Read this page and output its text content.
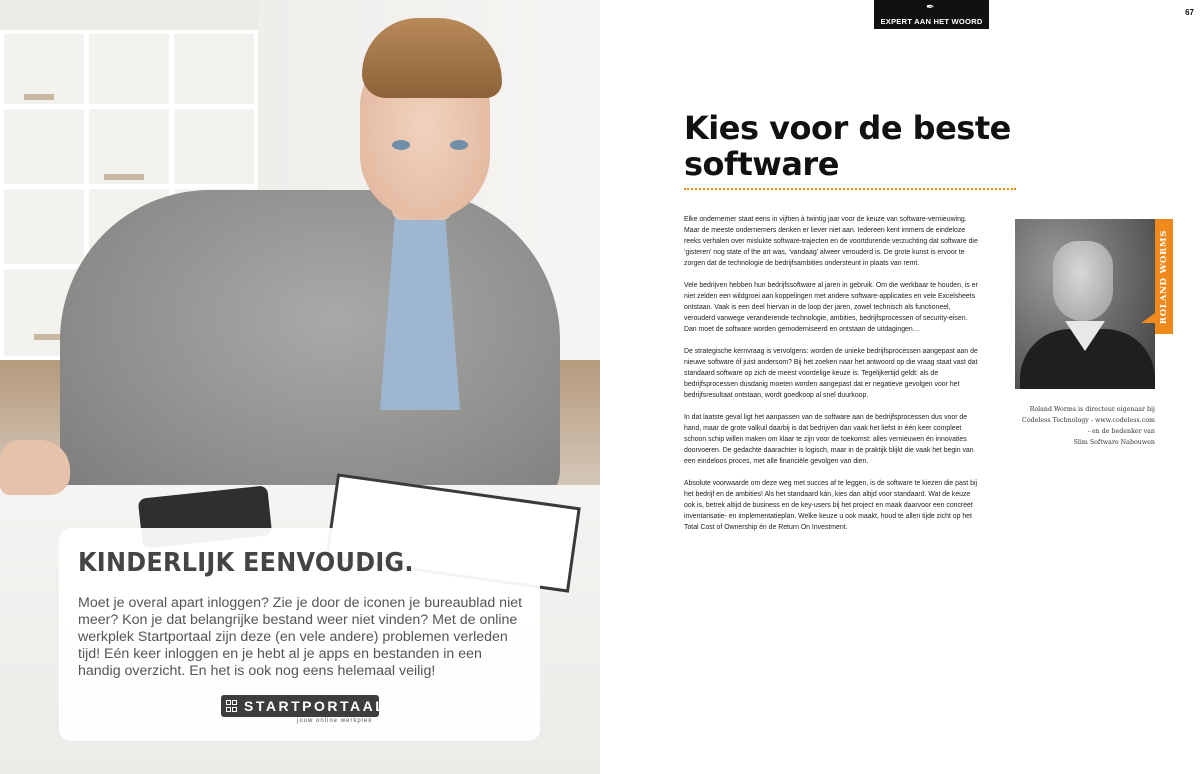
KINDERLIJK EENVOUDIG.

Moet je overal apart inloggen? Zie je door de iconen je bureaublad niet meer? Kon je dat belangrijke bestand weer niet vinden? Met de online werkplek Startportaal zijn deze (en vele andere) problemen verleden tijd! Eén keer inloggen en je hebt al je apps en bestanden in een handig overzicht. En het is ook nog eens helemaal veilig!

STARTPORTAAL
jouw online werkplek
✒
EXPERT AAN HET WOORD
67
Kies voor de beste software

Elke ondernemer staat eens in vijftien à twintig jaar voor de keuze van software-vernieuwing. Maar de meeste ondernemers denken er liever niet aan. Iedereen kent immers de eindeloze reeks verhalen over mislukte software-trajecten en de voortdurende verzuchting dat software die ‘gisteren’ nog state of the art was, ‘vandaag’ alweer verouderd is. De grote kunst is ervoor te zorgen dat de technologie de bedrijfsambities ondersteunt in plaats van remt.

Vele bedrijven hebben hun bedrijfssoftware al jaren in gebruik. Om die werkbaar te houden, is er niet zelden een wildgroei aan koppelingen met andere software-applicaties en vele Excelsheets ontstaan. Vaak is een deel hiervan in de loop der jaren, zowel technisch als functioneel, verouderd vanwege veranderende technologie, ambities, bedrijfsprocessen of security-eisen. Dan moet de software worden gemoderniseerd en ontstaan de uitdagingen…

De strategische kernvraag is vervolgens: worden de unieke bedrijfsprocessen aangepast aan de nieuwe software óf juist andersom? Bij het zoeken naar het antwoord op die vraag staat vast dat standaard software op zich de meest voordelige keuze is. Tegelijkertijd geldt: als de bedrijfsprocessen dusdanig moeten worden aangepast dat er negatieve gevolgen voor het bedrijfsresultaat ontstaan, wordt goedkoop al snel duurkoop.

In dat laatste geval ligt het aanpassen van de software aan de bedrijfsprocessen dus voor de hand, maar de grote valkuil daarbij is dat bedrijven dan vaak het liefst in één keer compleet schoon schip willen maken om klaar te zijn voor de toekomst: alles vernieuwen én innovaties doorvoeren. De gedachte daarachter is logisch, maar in de praktijk blijkt die vaak het begin van een eindeloos proces, met alle financiële gevolgen van dien.

Absolute voorwaarde om deze weg met succes af te leggen, is de software te kiezen die past bij het bedrijf en de ambities! Als het standaard kán, kies dan altijd voor standaard. Wat de keuze ook is, betrek altijd de business en de key-users bij het project en maak daarvoor een concreet inventarisatie- en implementatieplan. Welke keuze u ook maakt, houd te allen tijde zicht op het Total Cost of Ownership én de Return On Investment.

ROLAND WORMS

Roland Worms is directeur eigenaar bij
Codeless Technology - www.codeless.com
- en de bedenker van
Slim Software Nabouwen
